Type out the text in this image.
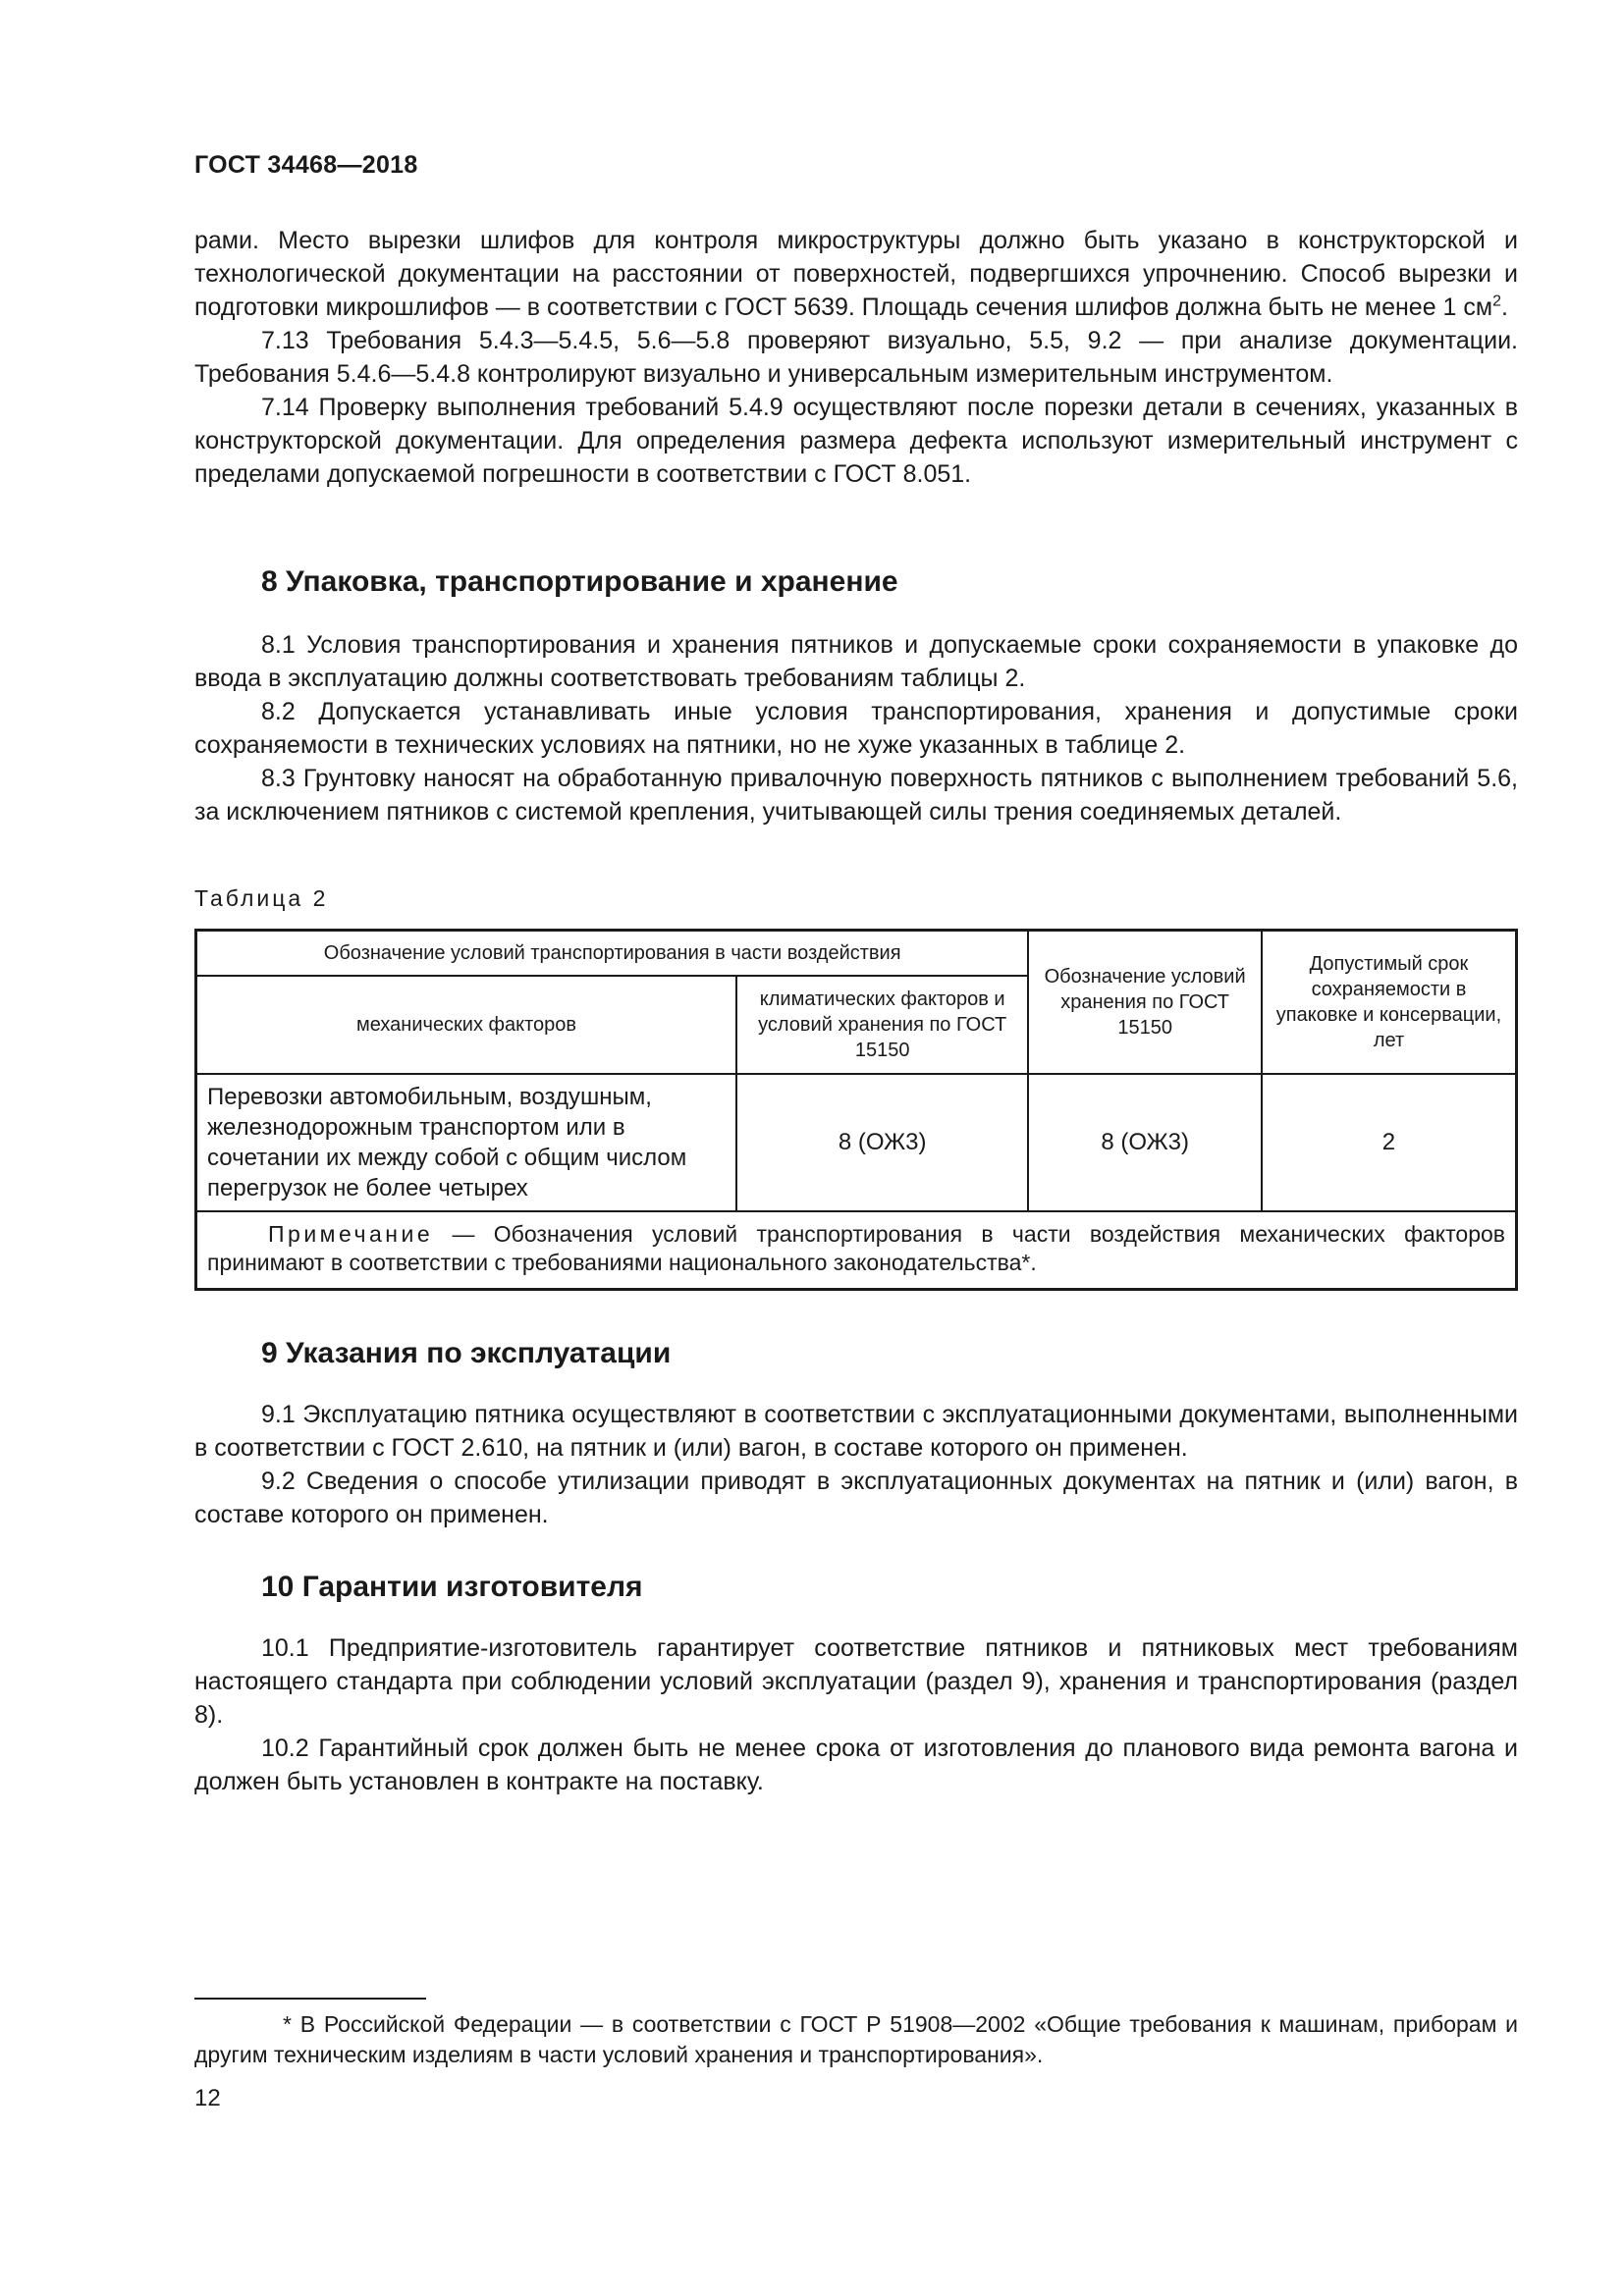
ГОСТ 34468—2018

рами. Место вырезки шлифов для контроля микроструктуры должно быть указано в конструкторской и технологической документации на расстоянии от поверхностей, подвергшихся упрочнению. Способ вырезки и подготовки микрошлифов — в соответствии с ГОСТ 5639. Площадь сечения шлифов должна быть не менее 1 $см^2$.

7.13 Требования 5.4.3—5.4.5, 5.6—5.8 проверяют визуально, 5.5, 9.2 — при анализе документации. Требования 5.4.6—5.4.8 контролируют визуально и универсальным измерительным инструментом.

7.14 Проверку выполнения требований 5.4.9 осуществляют после порезки детали в сечениях, указанных в конструкторской документации. Для определения размера дефекта используют измерительный инструмент с пределами допускаемой погрешности в соответствии с ГОСТ 8.051.

8 Упаковка, транспортирование и хранение

8.1 Условия транспортирования и хранения пятников и допускаемые сроки сохраняемости в упаковке до ввода в эксплуатацию должны соответствовать требованиям таблицы 2.

8.2 Допускается устанавливать иные условия транспортирования, хранения и допустимые сроки сохраняемости в технических условиях на пятники, но не хуже указанных в таблице 2.

8.3 Грунтовку наносят на обработанную привалочную поверхность пятников с выполнением требований 5.6, за исключением пятников с системой крепления, учитывающей силы трения соединяемых деталей.

Таблица 2
Обозначение условий транспортирования в части воздействия		Обозначение условий хранения по ГОСТ 15150	Допустимый срок сохраняемости в упаковке и консервации, лет
механических факторов	климатических факторов и условий хранения по ГОСТ 15150		
Перевозки автомобильным, воздушным, железнодорожным транспортом или в сочетании их между собой с общим числом перегрузок не более четырех	8 (ОЖ3)	8 (ОЖ3)	2
Примечание — Обозначения условий транспортирования в части воздействия механических факторов принимают в соответствии с требованиями национального законодательства*.			
9 Указания по эксплуатации

9.1 Эксплуатацию пятника осуществляют в соответствии с эксплуатационными документами, выполненными в соответствии с ГОСТ 2.610, на пятник и (или) вагон, в составе которого он применен.

9.2 Сведения о способе утилизации приводят в эксплуатационных документах на пятник и (или) вагон, в составе которого он применен.

10 Гарантии изготовителя

10.1 Предприятие-изготовитель гарантирует соответствие пятников и пятниковых мест требованиям настоящего стандарта при соблюдении условий эксплуатации (раздел 9), хранения и транспортирования (раздел 8).

10.2 Гарантийный срок должен быть не менее срока от изготовления до планового вида ремонта вагона и должен быть установлен в контракте на поставку.

* В Российской Федерации — в соответствии с ГОСТ Р 51908—2002 «Общие требования к машинам, приборам и другим техническим изделиям в части условий хранения и транспортирования».
12
